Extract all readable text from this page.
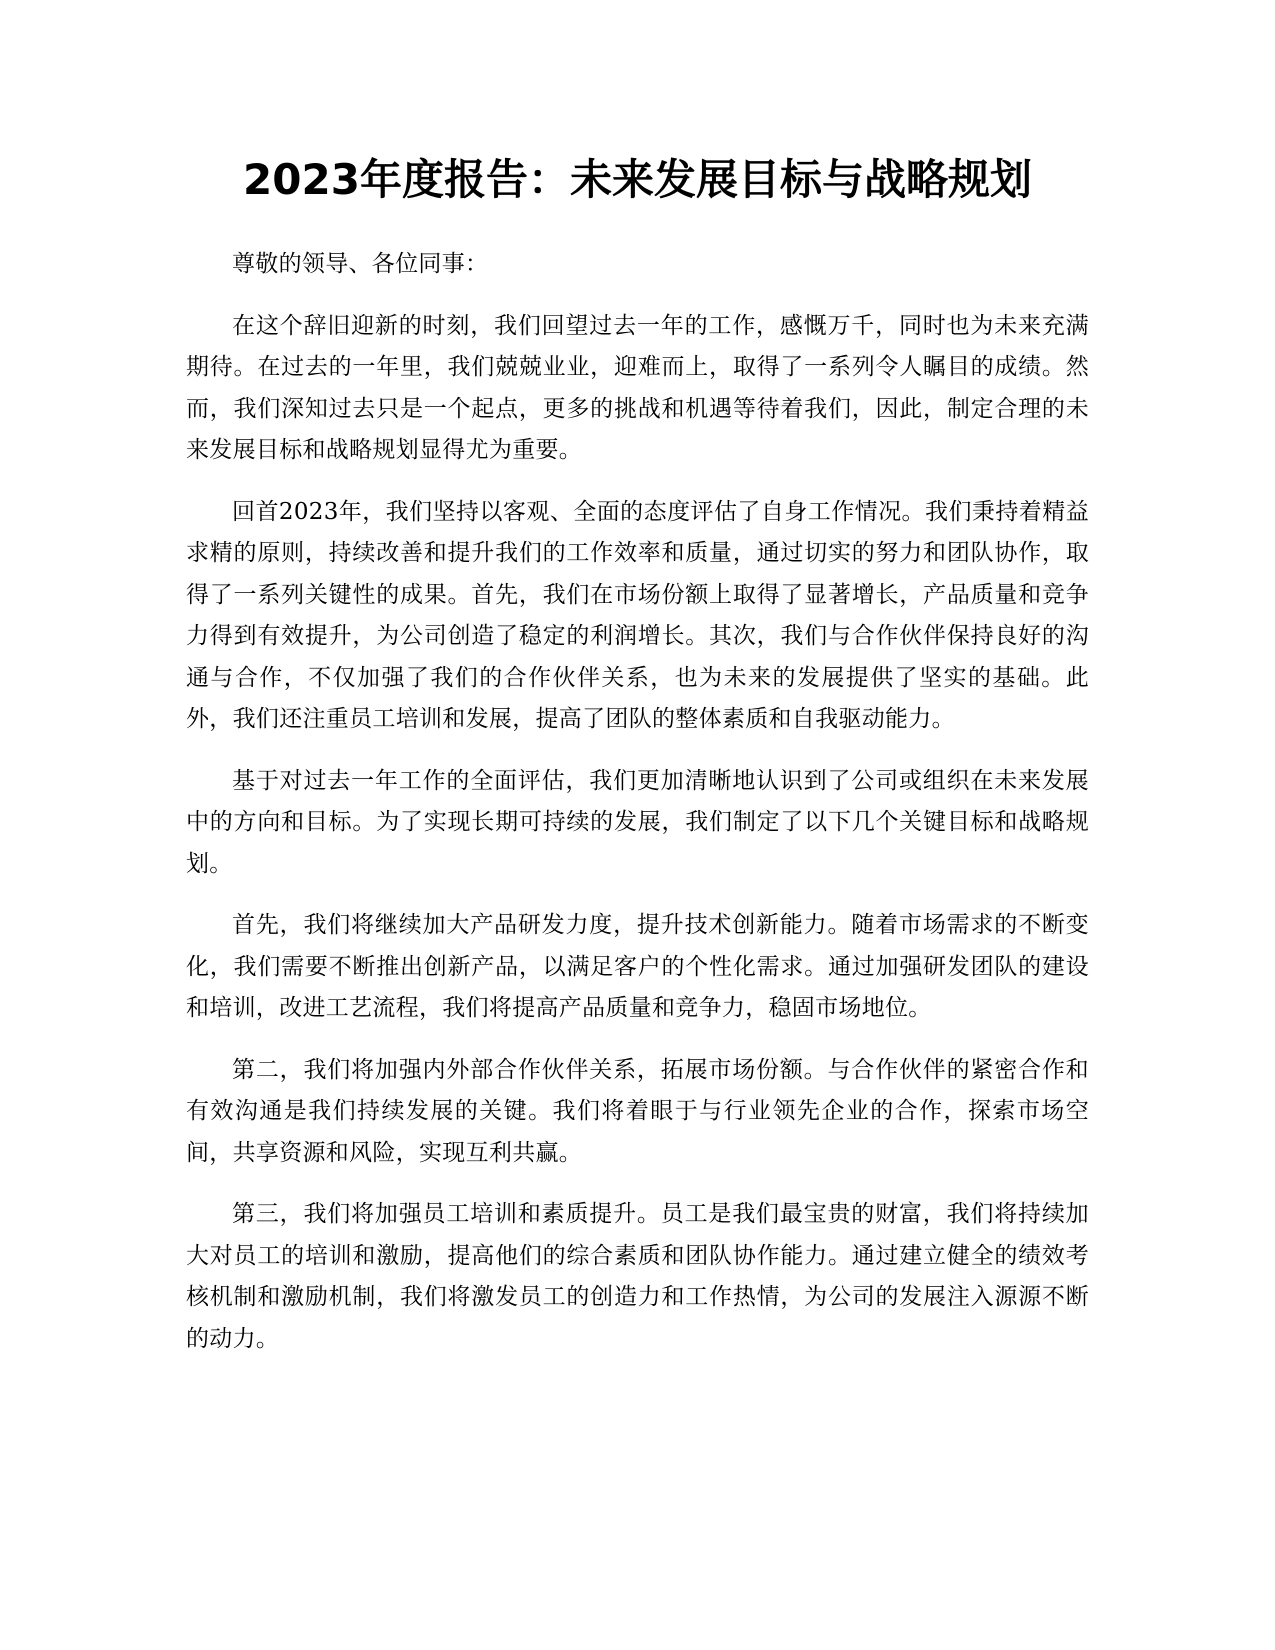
2023年度报告：未来发展目标与战略规划

尊敬的领导、各位同事：

在这个辞旧迎新的时刻，我们回望过去一年的工作，感慨万千，同时也为未来充满期待。在过去的一年里，我们兢兢业业，迎难而上，取得了一系列令人瞩目的成绩。然而，我们深知过去只是一个起点，更多的挑战和机遇等待着我们，因此，制定合理的未来发展目标和战略规划显得尤为重要。

回首2023年，我们坚持以客观、全面的态度评估了自身工作情况。我们秉持着精益求精的原则，持续改善和提升我们的工作效率和质量，通过切实的努力和团队协作，取得了一系列关键性的成果。首先，我们在市场份额上取得了显著增长，产品质量和竞争力得到有效提升，为公司创造了稳定的利润增长。其次，我们与合作伙伴保持良好的沟通与合作，不仅加强了我们的合作伙伴关系，也为未来的发展提供了坚实的基础。此外，我们还注重员工培训和发展，提高了团队的整体素质和自我驱动能力。

基于对过去一年工作的全面评估，我们更加清晰地认识到了公司或组织在未来发展中的方向和目标。为了实现长期可持续的发展，我们制定了以下几个关键目标和战略规划。

首先，我们将继续加大产品研发力度，提升技术创新能力。随着市场需求的不断变化，我们需要不断推出创新产品，以满足客户的个性化需求。通过加强研发团队的建设和培训，改进工艺流程，我们将提高产品质量和竞争力，稳固市场地位。

第二，我们将加强内外部合作伙伴关系，拓展市场份额。与合作伙伴的紧密合作和有效沟通是我们持续发展的关键。我们将着眼于与行业领先企业的合作，探索市场空间，共享资源和风险，实现互利共赢。

第三，我们将加强员工培训和素质提升。员工是我们最宝贵的财富，我们将持续加大对员工的培训和激励，提高他们的综合素质和团队协作能力。通过建立健全的绩效考核机制和激励机制，我们将激发员工的创造力和工作热情，为公司的发展注入源源不断的动力。
